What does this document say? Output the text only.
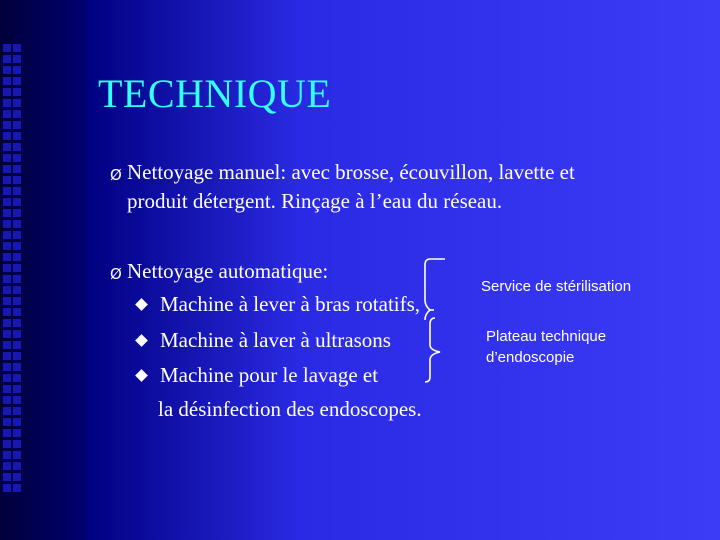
TECHNIQUE
Ø Nettoyage manuel: avec brosse, écouvillon, lavette et
produit détergent. Rinçage à l’eau du réseau.
Ø Nettoyage automatique:
Machine à lever à bras rotatifs,
Machine à laver à ultrasons
Machine pour le lavage et
la désinfection des endoscopes.
Service de stérilisation
Plateau technique
d’endoscopie
